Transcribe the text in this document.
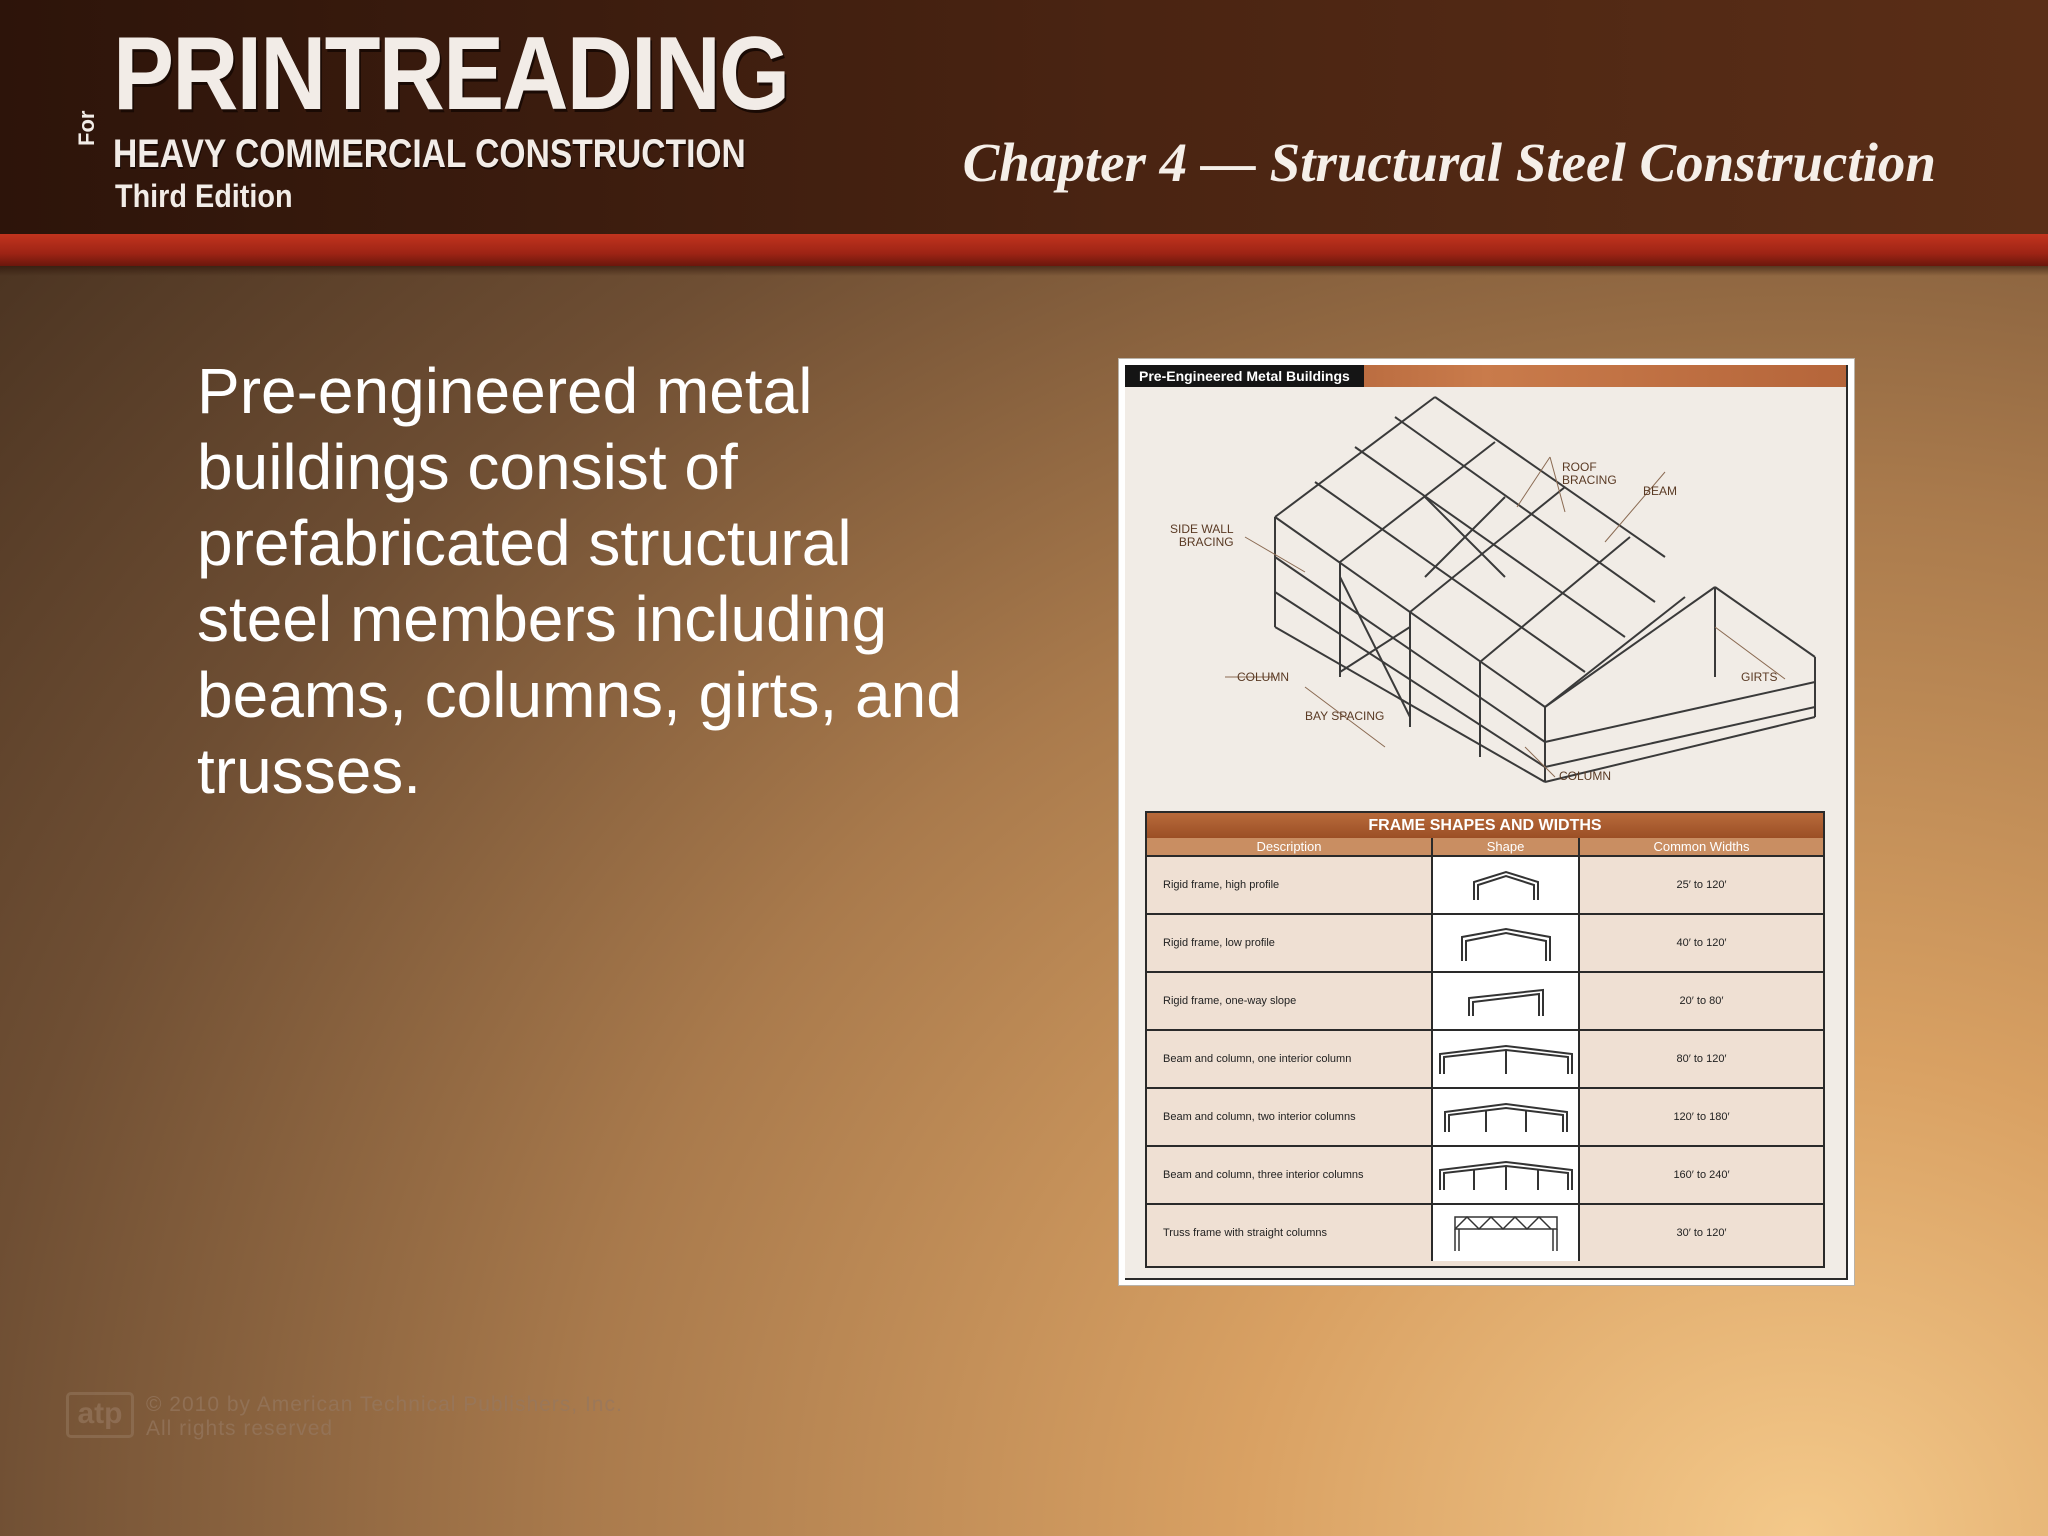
PRINTREADING
For
HEAVY COMMERCIAL CONSTRUCTION
Third Edition
Chapter 4 — Structural Steel Construction

Pre-engineered metal buildings consist of prefabricated structural steel members including beams, columns, girts, and trusses.

Pre-Engineered Metal Buildings
ROOF
BRACING
BEAM
SIDE WALL
BRACING
COLUMN
BAY SPACING
GIRTS
COLUMN
FRAME SHAPES AND WIDTHS
Description	Shape	Common Widths
Rigid frame, high profile	25′ to 120′
Rigid frame, low profile	40′ to 120′
Rigid frame, one-way slope	20′ to 80′
Beam and column, one interior column	80′ to 120′
Beam and column, two interior columns	120′ to 180′
Beam and column, three interior columns	160′ to 240′
Truss frame with straight columns	30′ to 120′
atp	© 2010 by American Technical Publishers, Inc.
All rights reserved
